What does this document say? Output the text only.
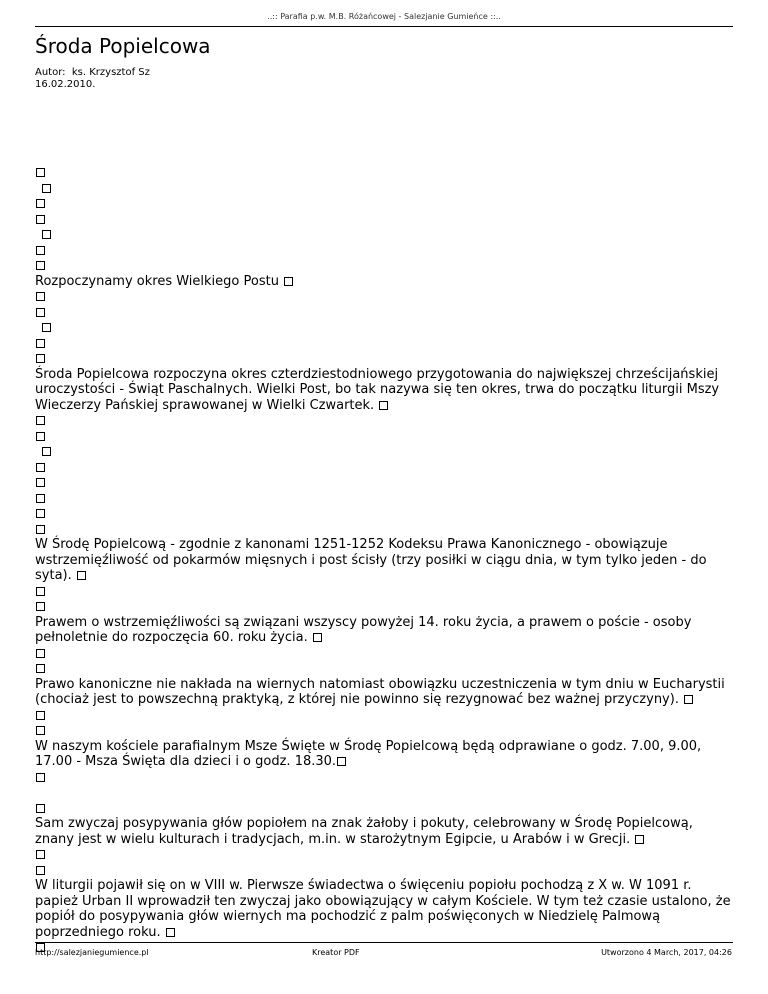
..:: Parafia p.w. M.B. Różańcowej - Salezjanie Gumieńce ::..
Środa Popielcowa
Autor: ks. Krzysztof Sz
16.02.2010.
Rozpoczynamy okres Wielkiego Postu
Środa Popielcowa rozpoczyna okres czterdziestodniowego przygotowania do największej chrześcijańskiej uroczystości - Świąt Paschalnych. Wielki Post, bo tak nazywa się ten okres, trwa do początku liturgii Mszy Wieczerzy Pańskiej sprawowanej w Wielki Czwartek.
W Środę Popielcową - zgodnie z kanonami 1251-1252 Kodeksu Prawa Kanonicznego - obowiązuje wstrzemięźliwość od pokarmów mięsnych i post ścisły (trzy posiłki w ciągu dnia, w tym tylko jeden - do syta).
Prawem o wstrzemięźliwości są związani wszyscy powyżej 14. roku życia, a prawem o poście - osoby pełnoletnie do rozpoczęcia 60. roku życia.
Prawo kanoniczne nie nakłada na wiernych natomiast obowiązku uczestniczenia w tym dniu w Eucharystii (chociaż jest to powszechną praktyką, z której nie powinno się rezygnować bez ważnej przyczyny).
W naszym kościele parafialnym Msze Święte w Środę Popielcową będą odprawiane o godz. 7.00, 9.00, 17.00 - Msza Święta dla dzieci i o godz. 18.30.
Sam zwyczaj posypywania głów popiołem na znak żałoby i pokuty, celebrowany w Środę Popielcową, znany jest w wielu kulturach i tradycjach, m.in. w starożytnym Egipcie, u Arabów i w Grecji.
W liturgii pojawił się on w VIII w. Pierwsze świadectwa o święceniu popiołu pochodzą z X w. W 1091 r. papież Urban II wprowadził ten zwyczaj jako obowiązujący w całym Kościele. W tym też czasie ustalono, że popiół do posypywania głów wiernych ma pochodzić z palm poświęconych w Niedzielę Palmową poprzedniego roku.
http://salezjaniegumience.pl	Kreator PDF	Utworzono 4 March, 2017, 04:26
